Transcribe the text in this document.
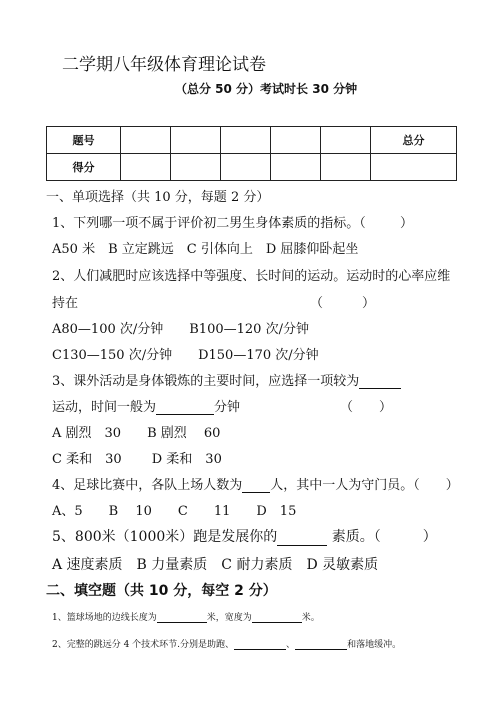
二学期八年级体育理论试卷
（总分 50 分）考试时长 30 分钟
题号						总分
得分						
一、单项选择（共 10 分，每题 2 分）
1、下列哪一项不属于评价初二男生身体素质的指标。（	）
A50 米　B 立定跳远　C 引体向上　D 屈膝仰卧起坐
2、人们减肥时应该选择中等强度、长时间的运动。运动时的心率应维
持在	（　　　）
A80—100 次/分钟　　B100—120 次/分钟
C130—150 次/分钟　　D150—170 次/分钟
3、课外活动是身体锻炼的主要时间，应选择一项较为
运动，时间一般为	分钟	（　　）
A 剧烈　30　　B 剧烈　 60
C 柔和　30　　 D 柔和　30
4、足球比赛中，各队上场人数为 人，其中一人为守门员。（　　）
A、5　　B　 10　　C　　11　　D　15
5、800米（1000米）跑是发展你的	素质。（　　　）
A 速度素质　B 力量素质　C 耐力素质　D 灵敏素质
二、填空题（共 10 分，每空 2 分）
1、篮球场地的边线长度为	米，宽度为	米。
2、完整的跳远分 4 个技术环节.分别是助跑、	、	和落地缓冲。
